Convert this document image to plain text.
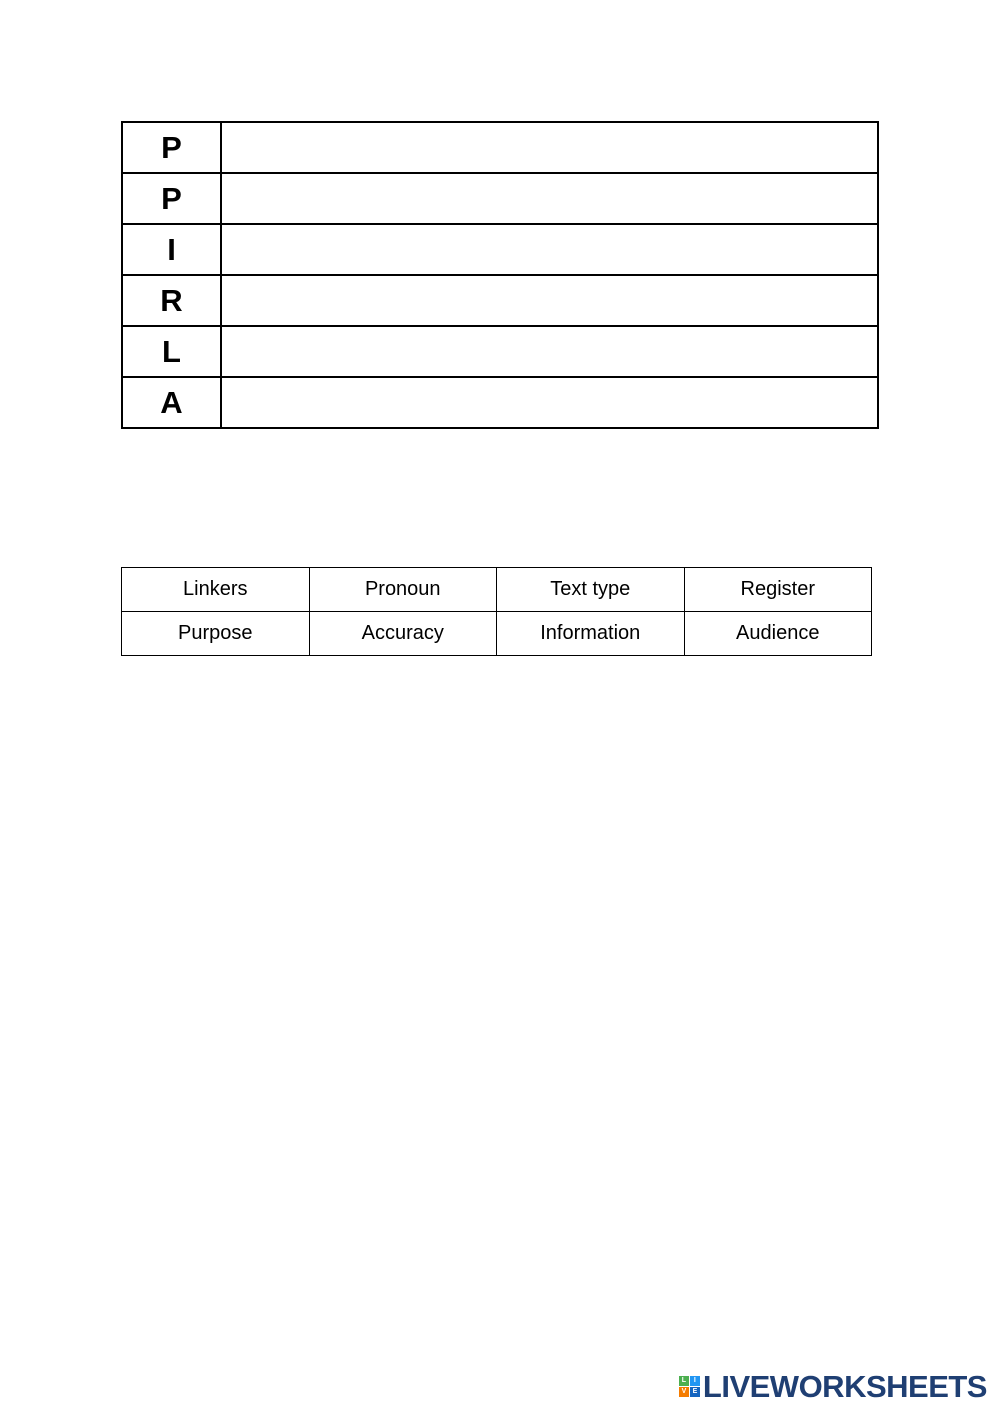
P	
P	
I	
R	
L	
A	
Linkers	Pronoun	Text type	Register
Purpose	Accuracy	Information	Audience
L	I
V E LIVEWORKSHEETS
